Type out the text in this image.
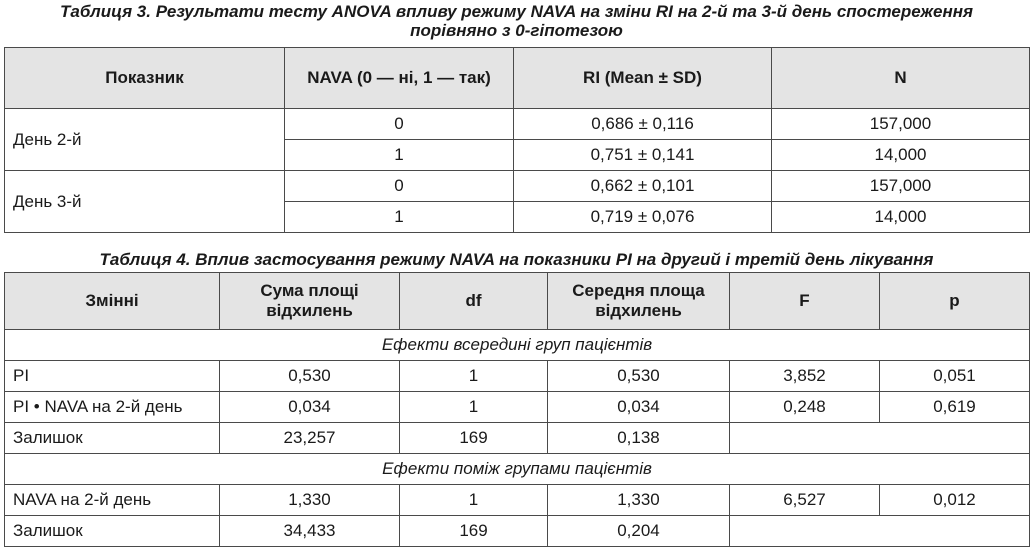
Таблиця 3. Результати тесту ANOVA впливу режиму NAVA на зміни RI на 2-й та 3-й день спостереження
порівняно з 0-гіпотезою
Показник	NAVA (0 — ні, 1 — так)	RI (Mean ± SD)	N
День 2-й	0	0,686 ± 0,116	157,000
	1	0,751 ± 0,141	14,000
День 3-й	0	0,662 ± 0,101	157,000
	1	0,719 ± 0,076	14,000
Таблиця 4. Вплив застосування режиму NAVA на показники PI на другий і третій день лікування
Змінні	Сума площі відхилень	df	Середня площа відхилень	F	p
Ефекти всередині груп пацієнтів					
PI	0,530	1	0,530	3,852	0,051
PI • NAVA на 2-й день	0,034	1	0,034	0,248	0,619
Залишок	23,257	169	0,138		
Ефекти поміж групами пацієнтів					
NAVA на 2-й день	1,330	1	1,330	6,527	0,012
Залишок	34,433	169	0,204		
